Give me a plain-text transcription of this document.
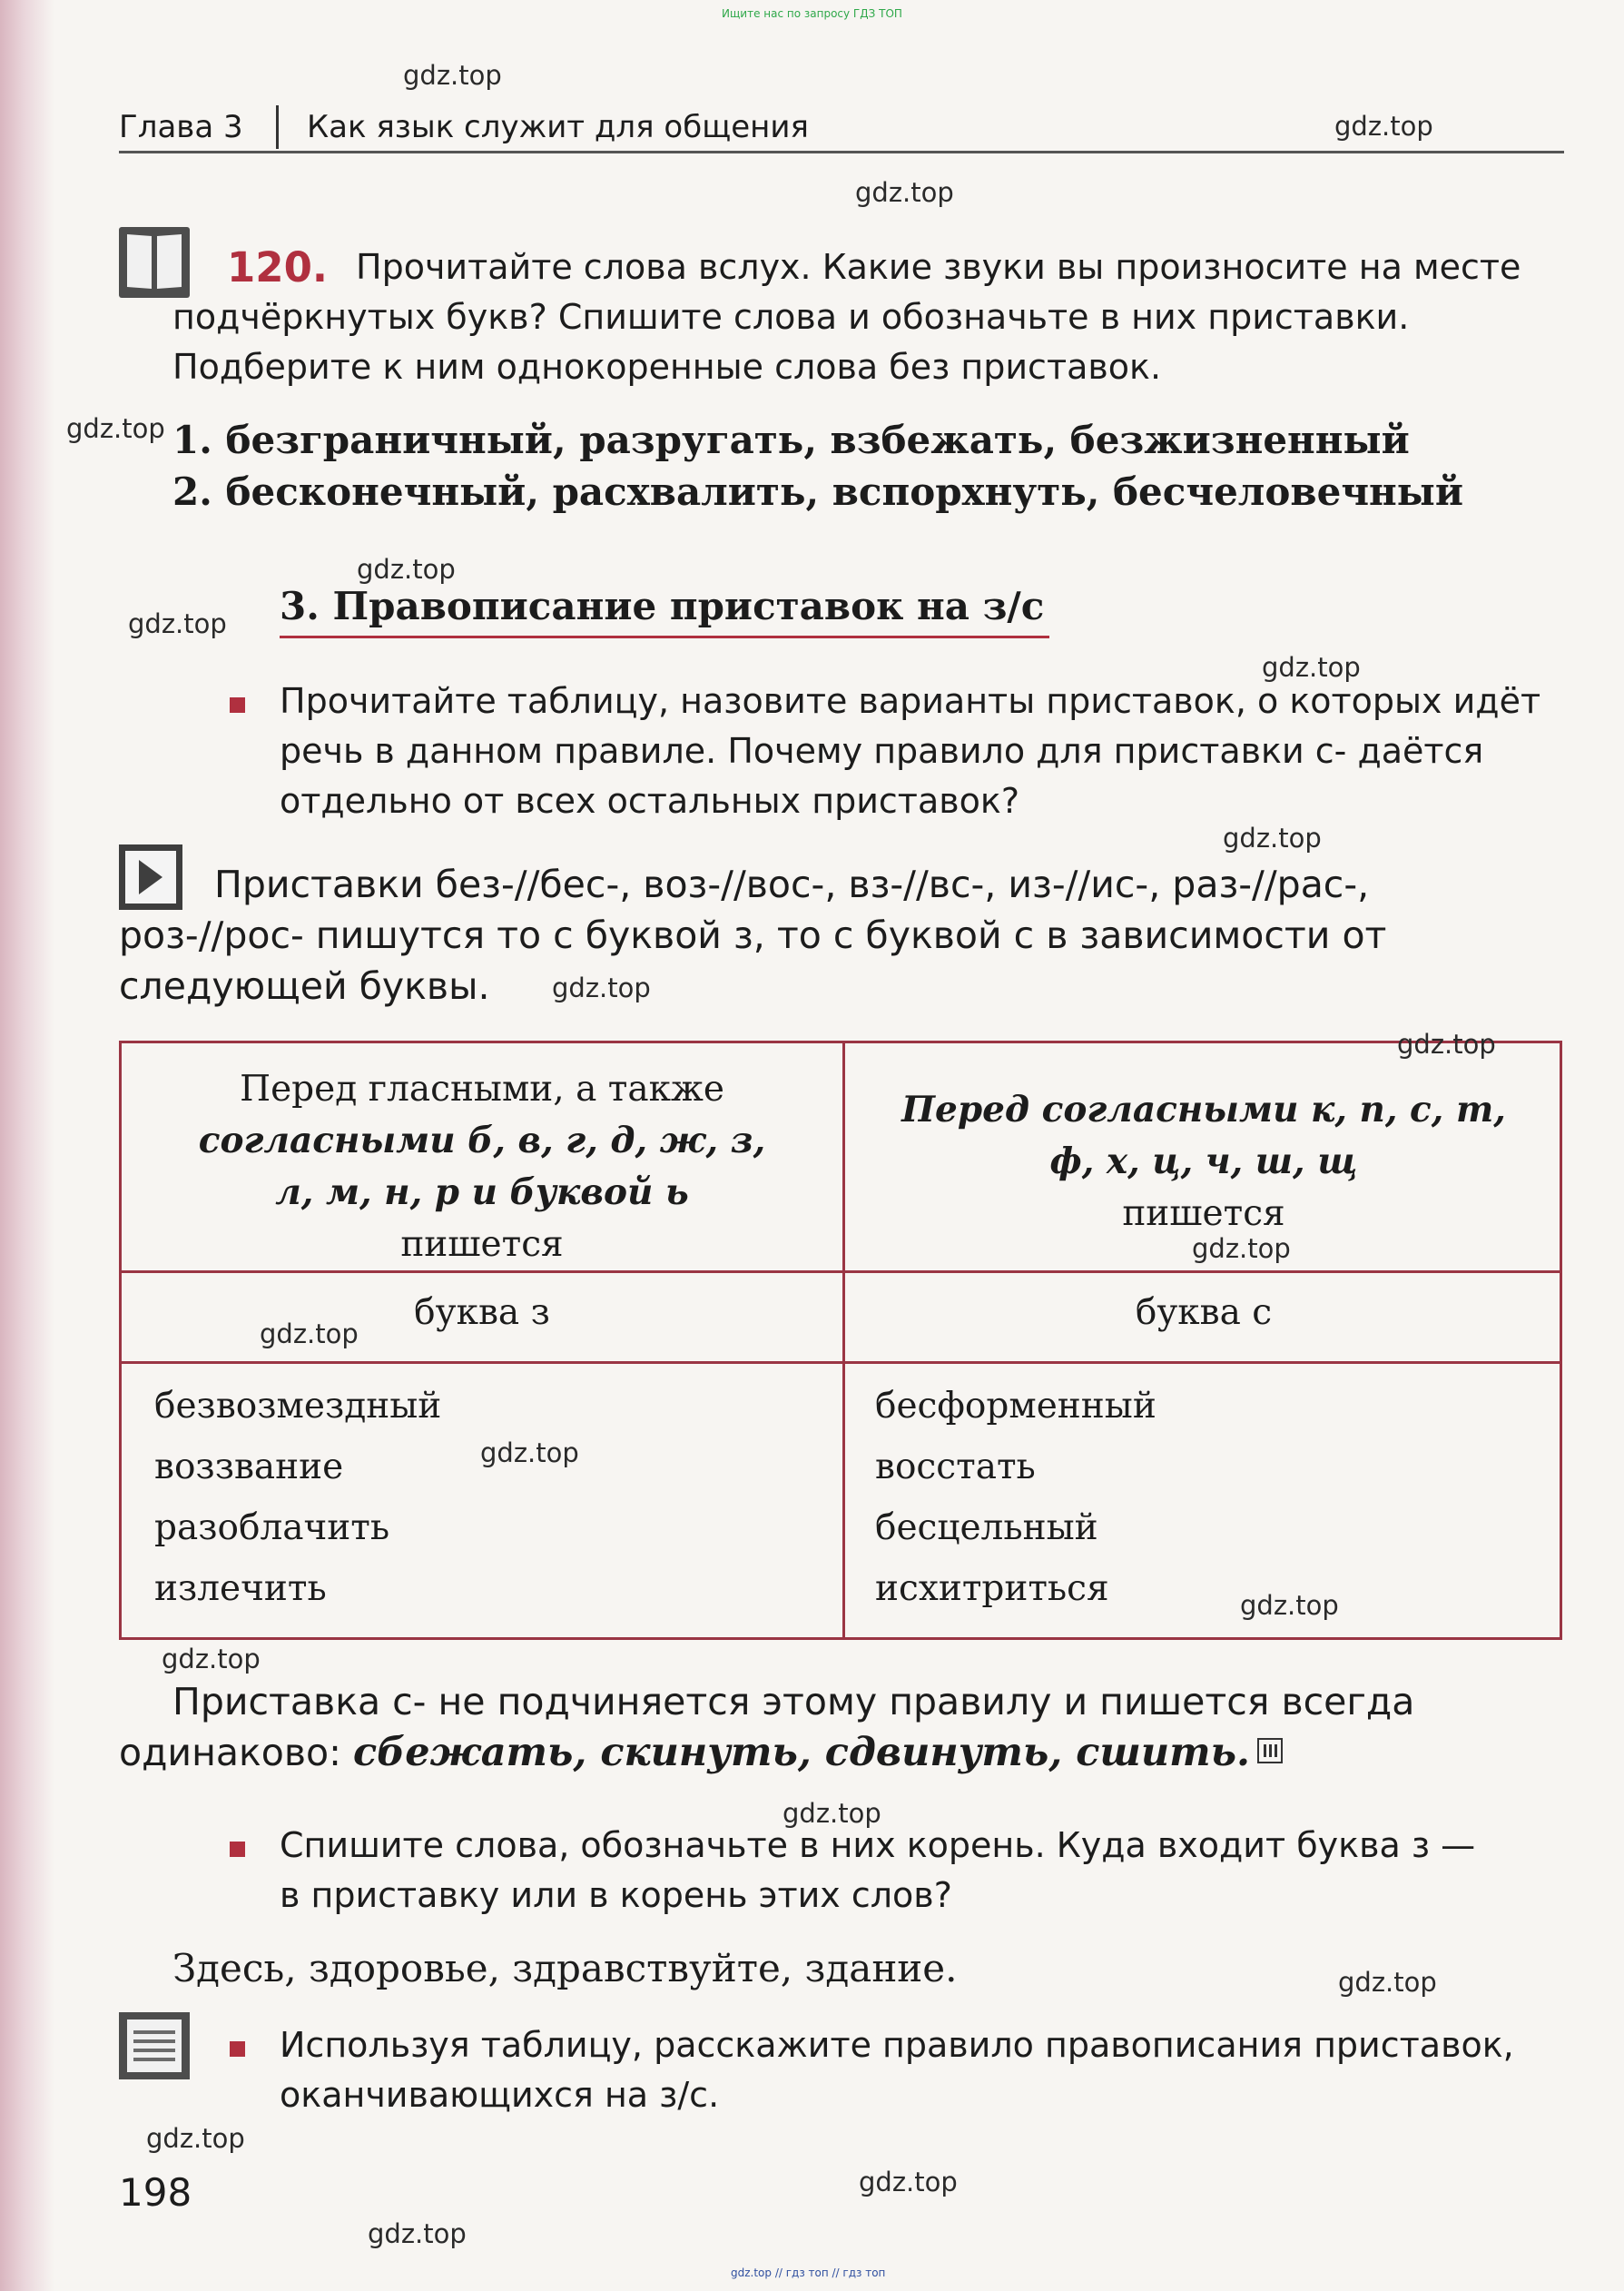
Ищите нас по запросу ГДЗ ТОП
Глава 3 Как язык служит для общения
120. Прочитайте слова вслух. Какие звуки вы произносите на месте
подчёркнутых букв? Спишите слова и обозначьте в них приставки.
Подберите к ним однокоренные слова без приставок.
1. безграничный, разругать, взбежать, безжизненный
2. бесконечный, расхвалить, вспорхнуть, бесчеловечный
3. Правописание приставок на з/с
Прочитайте таблицу, назовите варианты приставок, о которых идёт
речь в данном правиле. Почему правило для приставки с- даётся
отдельно от всех остальных приставок?
Приставки без-//бес-, воз-//вос-, вз-//вс-, из-//ис-, раз-//рас-,
роз-//рос- пишутся то с буквой з, то с буквой с в зависимости от
следующей буквы.
Перед гласными, а также
согласными б, в, г, д, ж, з,
л, м, н, р и буквой ь
пишется
Перед согласными к, п, с, т,
ф, х, ц, ч, ш, щ
пишется
буква з	буква с
безвозмездный
воззвание
разоблачить
излечить
бесформенный
восстать
бесцельный
исхитриться
Приставка с- не подчиняется этому правилу и пишется всегда
одинаково: сбежать, скинуть, сдвинуть, сшить.
Спишите слова, обозначьте в них корень. Куда входит буква з —
в приставку или в корень этих слов?
Здесь, здоровье, здравствуйте, здание.
Используя таблицу, расскажите правило правописания приставок,
оканчивающихся на з/с.
198
gdz.top
gdz.top
gdz.top
gdz.top
gdz.top
gdz.top
gdz.top
gdz.top
gdz.top
gdz.top
gdz.top
gdz.top
gdz.top
gdz.top
gdz.top
gdz.top
gdz.top
gdz.top
gdz.top
gdz.top
gdz.top // гдз топ // гдз топ
